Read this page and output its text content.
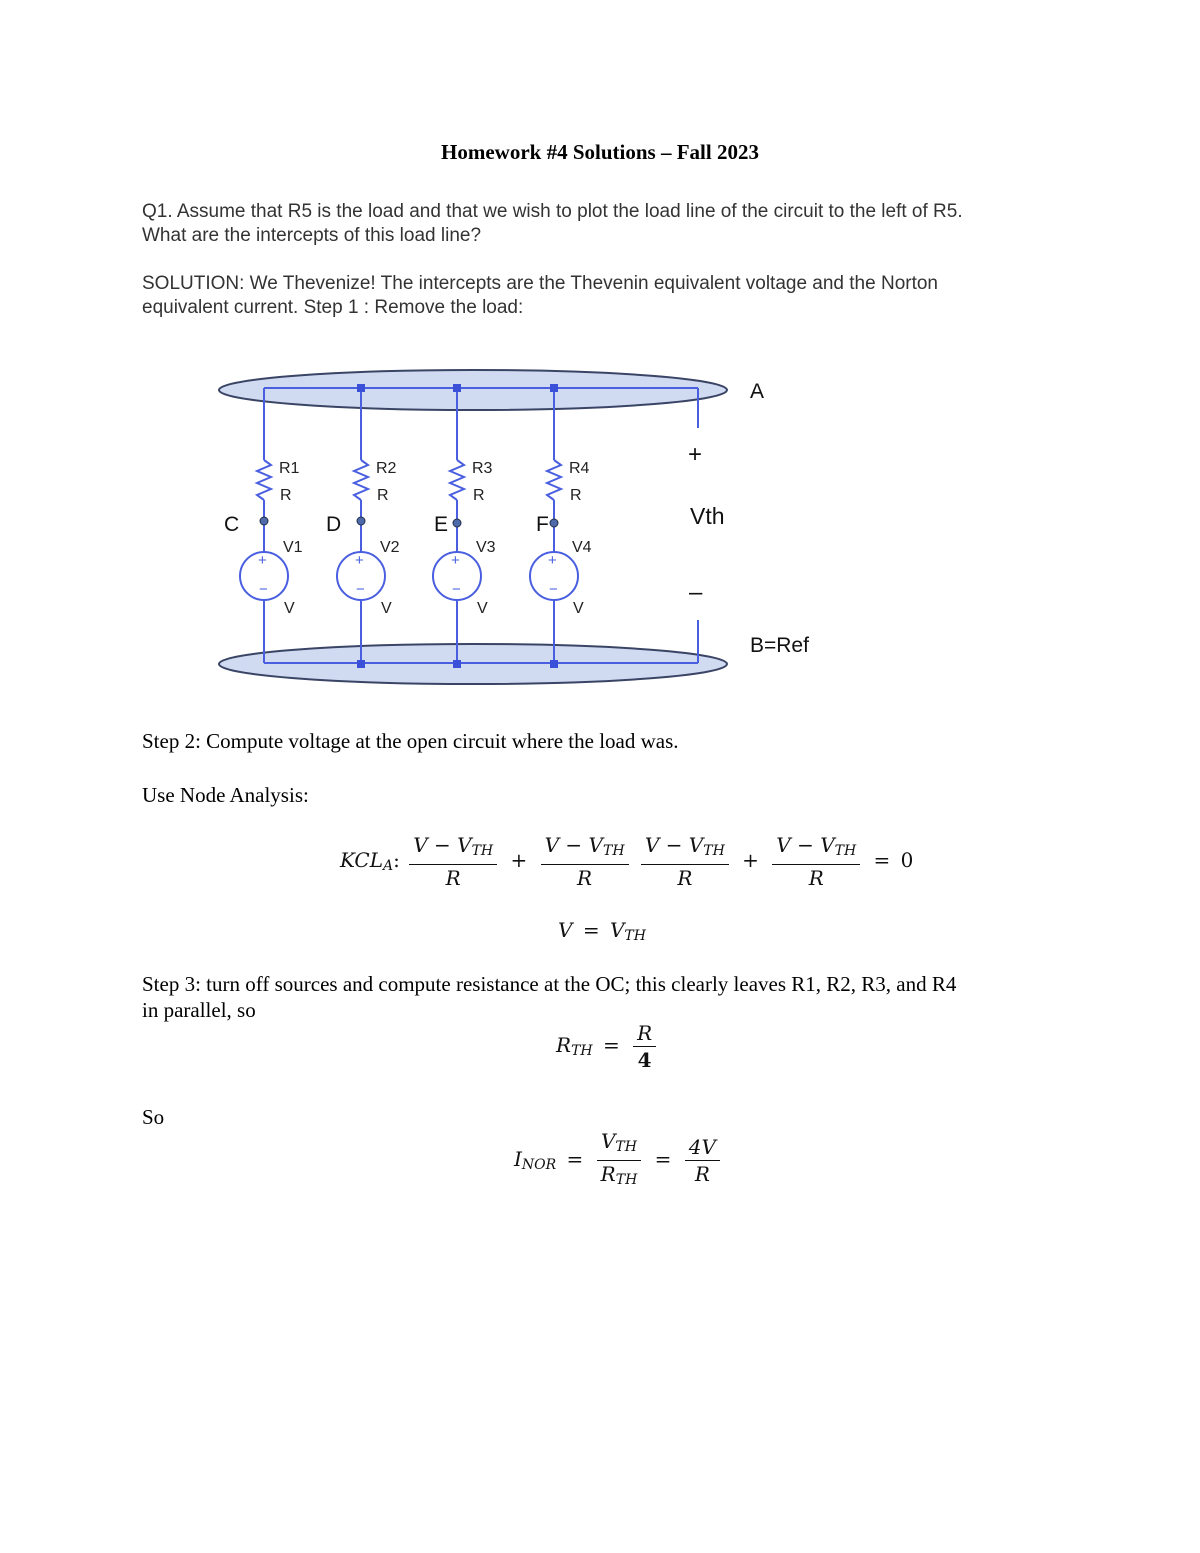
Homework #4 Solutions – Fall 2023
Q1. Assume that R5 is the load and that we wish to plot the load line of the circuit to the left of R5.
What are the intercepts of this load line?
SOLUTION: We Thevenize! The intercepts are the Thevenin equivalent voltage and the Norton
equivalent current. Step 1 : Remove the load:
+
−
+
−
+
−
+
−
R1
R
R2
R
R3
R
R4
R
V1
V
V2
V
V3
V
V4
V
C	D	E	F
A
B=Ref
+
Vth
–
Step 2: Compute voltage at the open circuit where the load was.
Use Node Analysis:
$KCL_A$: $\frac{V - V_{TH}}{R} + \frac{V - V_{TH}}{R}$
$\frac{V - V_{TH}}{R} + \frac{V - V_{TH}}{R} = 0$
$V = V_{TH}$
Step 3: turn off sources and compute resistance at the OC; this clearly leaves R1, R2, R3, and R4
in parallel, so
$R_{TH} = \frac{R}{4}$
So
$I_{NOR} = \frac{V_{TH}}{R_{TH}} = \frac{4V}{R}$
